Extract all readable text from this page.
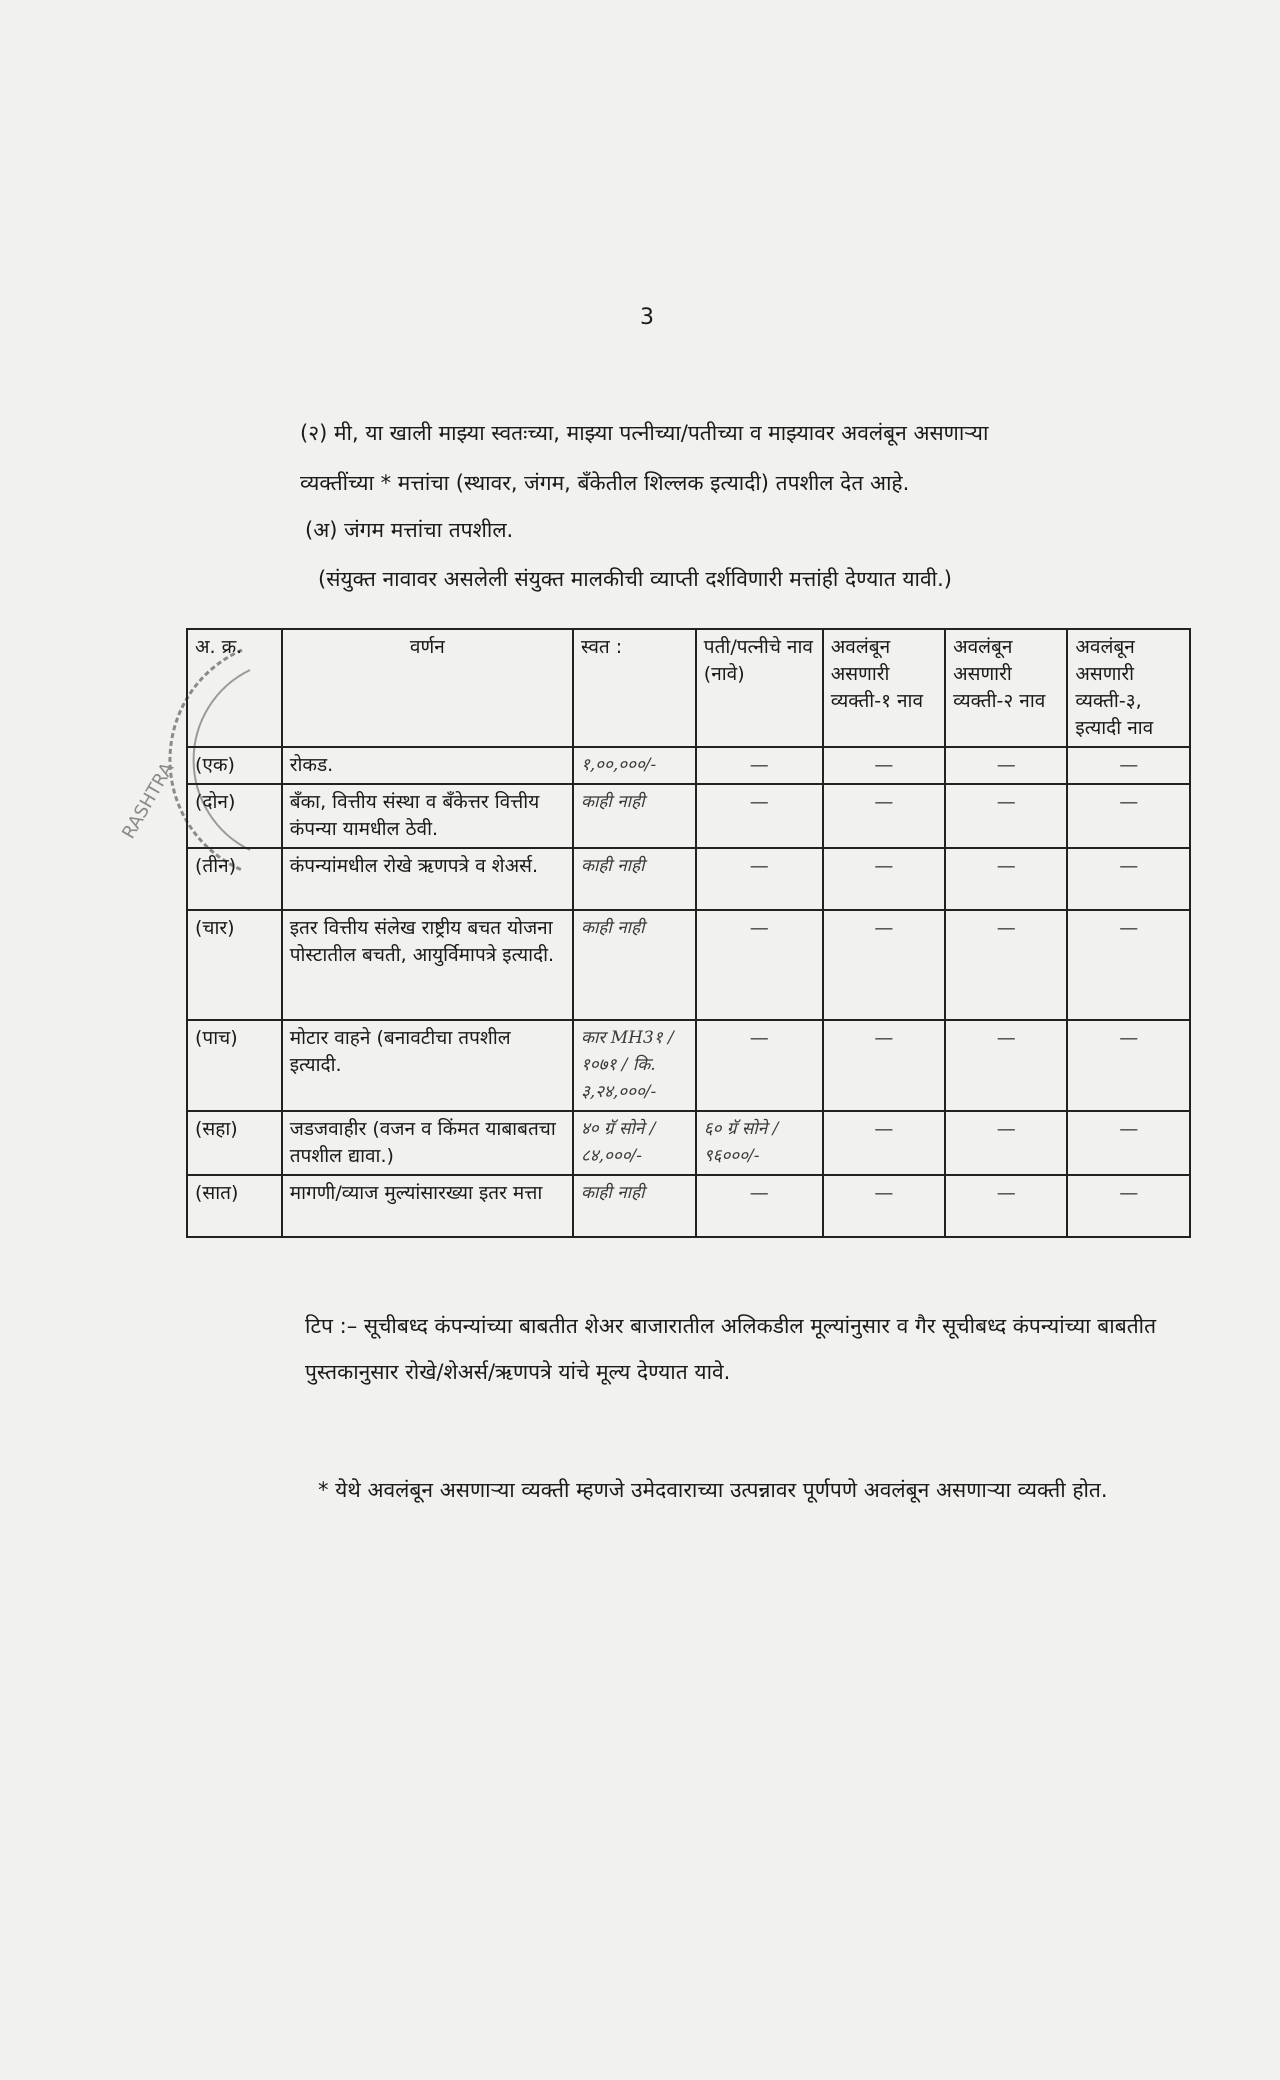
RASHTRA
3
(२) मी, या खाली माझ्या स्वतःच्या, माझ्या पत्नीच्या/पतीच्या व माझ्यावर अवलंबून असणाऱ्या
व्यक्तींच्या * मत्तांचा (स्थावर, जंगम, बँकेतील शिल्लक इत्यादी) तपशील देत आहे.
(अ) जंगम मत्तांचा तपशील.
(संयुक्त नावावर असलेली संयुक्त मालकीची व्याप्ती दर्शविणारी मत्तांही देण्यात यावी.)
अ. क्र.	वर्णन	स्वत :	पती/पत्नीचे नाव (नावे)	अवलंबून असणारी व्यक्ती-१ नाव	अवलंबून असणारी व्यक्ती-२ नाव	अवलंबून असणारी व्यक्ती-३, इत्यादी नाव
(एक)	रोकड.	१,००,०००/-	—	—	—	—
(दोन)	बँका, वित्तीय संस्था व बँकेत्तर वित्तीय कंपन्या यामधील ठेवी.	काही नाही	—	—	—	—
(तीन)	कंपन्यांमधील रोखे ऋणपत्रे व शेअर्स.	काही नाही	—	—	—	—
(चार)	इतर वित्तीय संलेख राष्ट्रीय बचत योजना पोस्टातील बचती, आयुर्विमापत्रे इत्यादी.	काही नाही	—	—	—	—
(पाच)	मोटार वाहने (बनावटीचा तपशील इत्यादी.	कार MH3१ / १०७१ / कि. ३,२४,०००/-	—	—	—	—
(सहा)	जडजवाहीर (वजन व किंमत याबाबतचा तपशील द्यावा.)	४० ग्रॅ सोने / ८४,०००/-	६० ग्रॅ सोने / ९६०००/-	—	—	—
(सात)	मागणी/व्याज मुल्यांसारख्या इतर मत्ता	काही नाही	—	—	—	—
टिप :– सूचीबध्द कंपन्यांच्या बाबतीत शेअर बाजारातील अलिकडील मूल्यांनुसार व गैर सूचीबध्द कंपन्यांच्या बाबतीत पुस्तकानुसार रोखे/शेअर्स/ऋणपत्रे यांचे मूल्य देण्यात यावे.
* येथे अवलंबून असणाऱ्या व्यक्ती म्हणजे उमेदवाराच्या उत्पन्नावर पूर्णपणे अवलंबून असणाऱ्या व्यक्ती होत.
